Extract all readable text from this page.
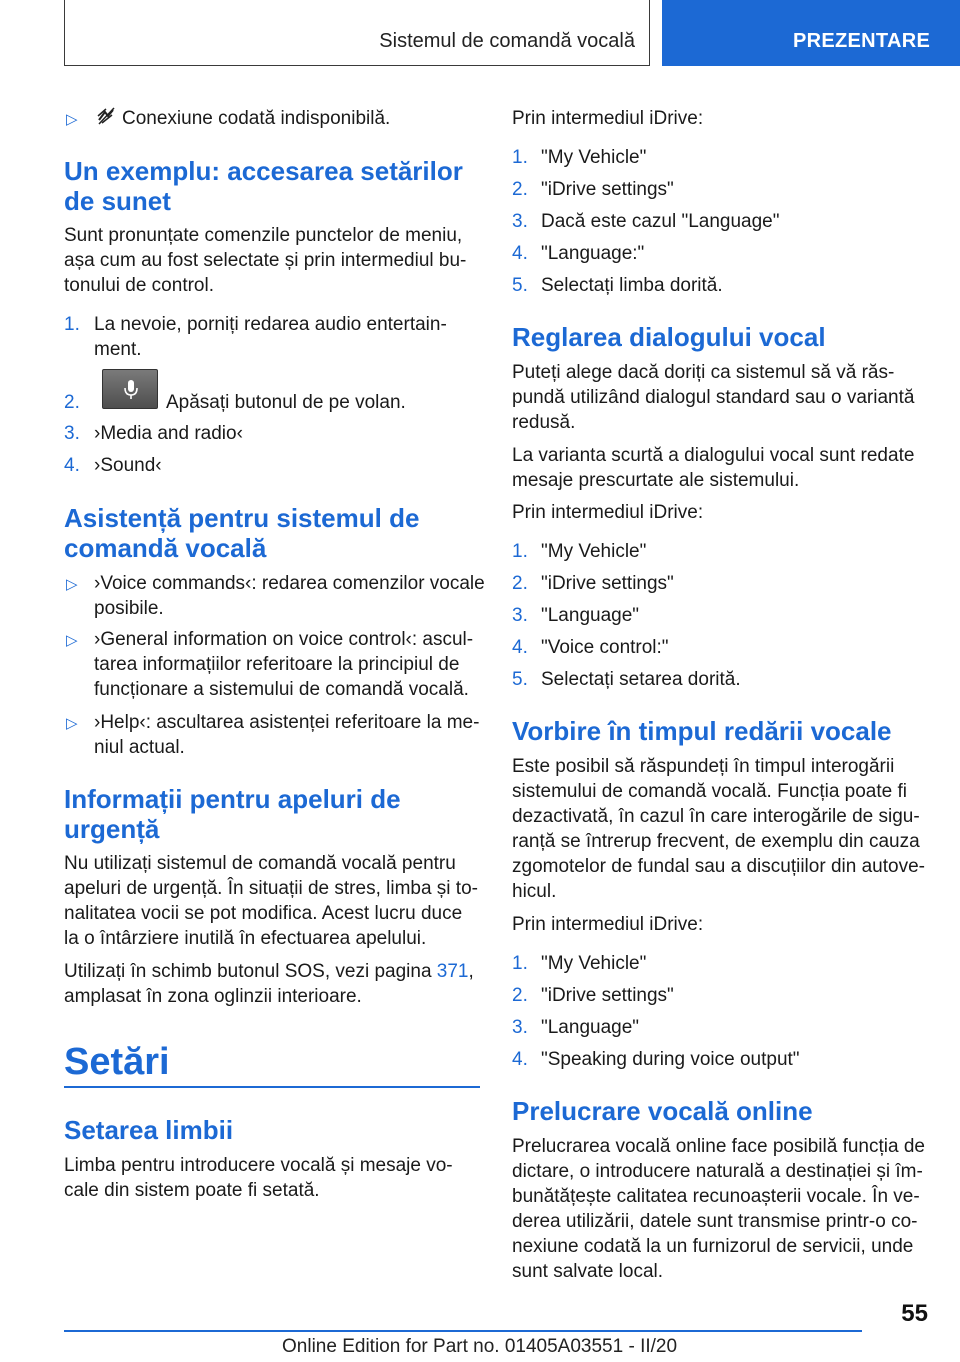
Sistemul de comandă vocală	PREZENTARE
▷ Conexiune codată indisponibilă.
Un exemplu: accesarea setărilor
de sunet
Sunt pronunțate comenzile punctelor de meniu,
așa cum au fost selectate și prin intermediul bu-
tonului de control.
1. La nevoie, porniți redarea audio entertain-
ment.
2.	Apăsați butonul de pe volan.
3. ›Media and radio‹
4. ›Sound‹
Asistență pentru sistemul de
comandă vocală
▷ ›Voice commands‹: redarea comenzilor vocale
posibile.
▷ ›General information on voice control‹: ascul-
tarea informațiilor referitoare la principiul de
funcționare a sistemului de comandă vocală.
▷ ›Help‹: ascultarea asistenței referitoare la me-
niul actual.
Informații pentru apeluri de
urgență
Nu utilizați sistemul de comandă vocală pentru
apeluri de urgență. În situații de stres, limba și to-
nalitatea vocii se pot modifica. Acest lucru duce
la o întârziere inutilă în efectuarea apelului.
Utilizați în schimb butonul SOS, vezi pagina 371,
amplasat în zona oglinzii interioare.
Setări
Setarea limbii
Limba pentru introducere vocală și mesaje vo-
cale din sistem poate fi setată.
Prin intermediul iDrive:
1. "My Vehicle"
2. "iDrive settings"
3. Dacă este cazul "Language"
4. "Language:"
5. Selectați limba dorită.
Reglarea dialogului vocal
Puteți alege dacă doriți ca sistemul să vă răs-
pundă utilizând dialogul standard sau o variantă
redusă.
La varianta scurtă a dialogului vocal sunt redate
mesaje prescurtate ale sistemului.
Prin intermediul iDrive:
1. "My Vehicle"
2. "iDrive settings"
3. "Language"
4. "Voice control:"
5. Selectați setarea dorită.
Vorbire în timpul redării vocale
Este posibil să răspundeți în timpul interogării
sistemului de comandă vocală. Funcția poate fi
dezactivată, în cazul în care interogările de sigu-
ranță se întrerup frecvent, de exemplu din cauza
zgomotelor de fundal sau a discuțiilor din autove-
hicul.
Prin intermediul iDrive:
1. "My Vehicle"
2. "iDrive settings"
3. "Language"
4. "Speaking during voice output"
Prelucrare vocală online
Prelucrarea vocală online face posibilă funcția de
dictare, o introducere naturală a destinației și îm-
bunătățește calitatea recunoașterii vocale. În ve-
derea utilizării, datele sunt transmise printr-o co-
nexiune codată la un furnizorul de servicii, unde
sunt salvate local.
55
Online Edition for Part no. 01405A03551 - II/20
